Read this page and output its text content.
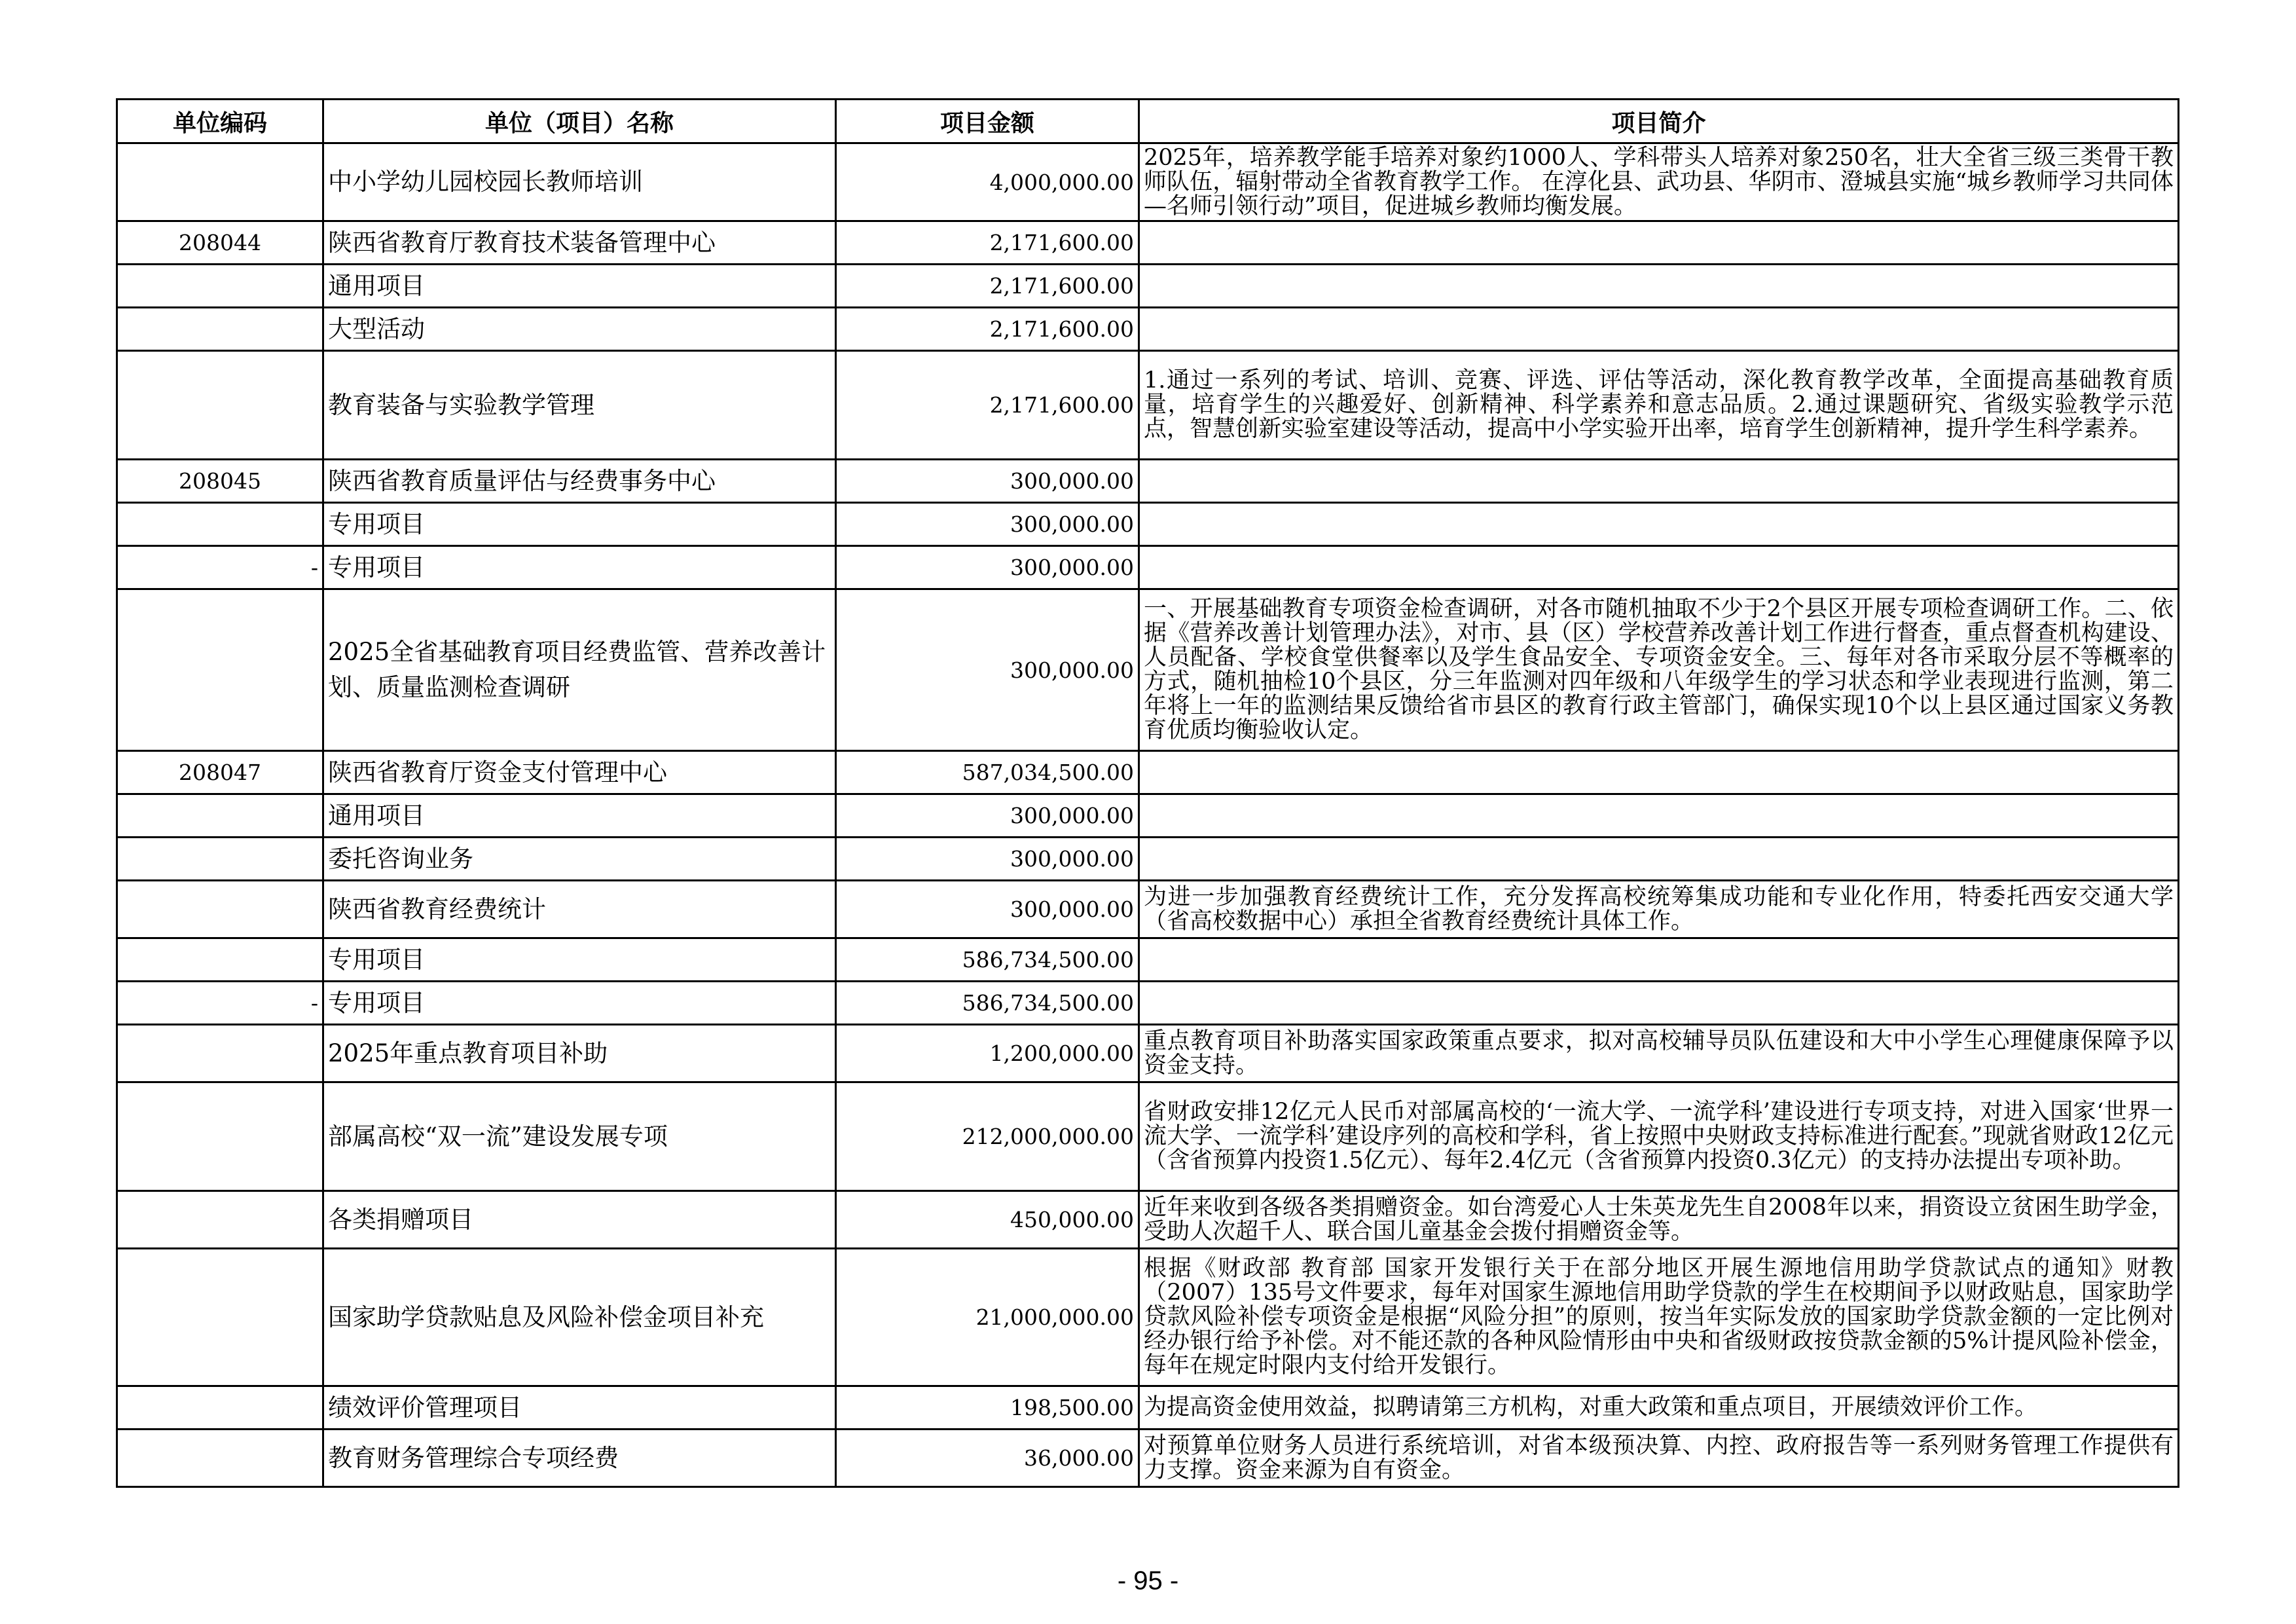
单位编码	单位（项目）名称	项目金额	项目简介
	中小学幼儿园校园长教师培训	4,000,000.00	2025年，培养教学能手培养对象约1000人、学科带头人培养对象250名，壮大全省三级三类骨干教师队伍，辐射带动全省教育教学工作。 在淳化县、武功县、华阴市、澄城县实施“城乡教师学习共同体—名师引领行动”项目，促进城乡教师均衡发展。
208044	陕西省教育厅教育技术装备管理中心	2,171,600.00	
	通用项目	2,171,600.00	
	大型活动	2,171,600.00	
	教育装备与实验教学管理	2,171,600.00	1.通过一系列的考试、培训、竞赛、评选、评估等活动，深化教育教学改革，全面提高基础教育质量，培育学生的兴趣爱好、创新精神、科学素养和意志品质。2.通过课题研究、省级实验教学示范点，智慧创新实验室建设等活动，提高中小学实验开出率，培育学生创新精神，提升学生科学素养。
208045	陕西省教育质量评估与经费事务中心	300,000.00	
	专用项目	300,000.00	
-	专用项目	300,000.00	
	2025全省基础教育项目经费监管、营养改善计划、质量监测检查调研	300,000.00	一、开展基础教育专项资金检查调研，对各市随机抽取不少于2个县区开展专项检查调研工作。二、依据《营养改善计划管理办法》，对市、县（区）学校营养改善计划工作进行督查，重点督查机构建设、人员配备、学校食堂供餐率以及学生食品安全、专项资金安全。三、每年对各市采取分层不等概率的方式，随机抽检10个县区，分三年监测对四年级和八年级学生的学习状态和学业表现进行监测，第二年将上一年的监测结果反馈给省市县区的教育行政主管部门，确保实现10个以上县区通过国家义务教育优质均衡验收认定。
208047	陕西省教育厅资金支付管理中心	587,034,500.00	
	通用项目	300,000.00	
	委托咨询业务	300,000.00	
	陕西省教育经费统计	300,000.00	为进一步加强教育经费统计工作，充分发挥高校统筹集成功能和专业化作用，特委托西安交通大学（省高校数据中心）承担全省教育经费统计具体工作。
	专用项目	586,734,500.00	
-	专用项目	586,734,500.00	
	2025年重点教育项目补助	1,200,000.00	重点教育项目补助落实国家政策重点要求，拟对高校辅导员队伍建设和大中小学生心理健康保障予以资金支持。
	部属高校“双一流”建设发展专项	212,000,000.00	省财政安排12亿元人民币对部属高校的‘一流大学、一流学科’建设进行专项支持，对进入国家‘世界一流大学、一流学科’建设序列的高校和学科，省上按照中央财政支持标准进行配套。”现就省财政12亿元（含省预算内投资1.5亿元）、每年2.4亿元（含省预算内投资0.3亿元）的支持办法提出专项补助。
	各类捐赠项目	450,000.00	近年来收到各级各类捐赠资金。如台湾爱心人士朱英龙先生自2008年以来，捐资设立贫困生助学金，受助人次超千人、联合国儿童基金会拨付捐赠资金等。
	国家助学贷款贴息及风险补偿金项目补充	21,000,000.00	根据《财政部 教育部 国家开发银行关于在部分地区开展生源地信用助学贷款试点的通知》财教（2007）135号文件要求，每年对国家生源地信用助学贷款的学生在校期间予以财政贴息，国家助学贷款风险补偿专项资金是根据“风险分担”的原则，按当年实际发放的国家助学贷款金额的一定比例对经办银行给予补偿。对不能还款的各种风险情形由中央和省级财政按贷款金额的5%计提风险补偿金，每年在规定时限内支付给开发银行。
	绩效评价管理项目	198,500.00	为提高资金使用效益，拟聘请第三方机构，对重大政策和重点项目，开展绩效评价工作。
	教育财务管理综合专项经费	36,000.00	对预算单位财务人员进行系统培训，对省本级预决算、内控、政府报告等一系列财务管理工作提供有力支撑。资金来源为自有资金。
- 95 -
